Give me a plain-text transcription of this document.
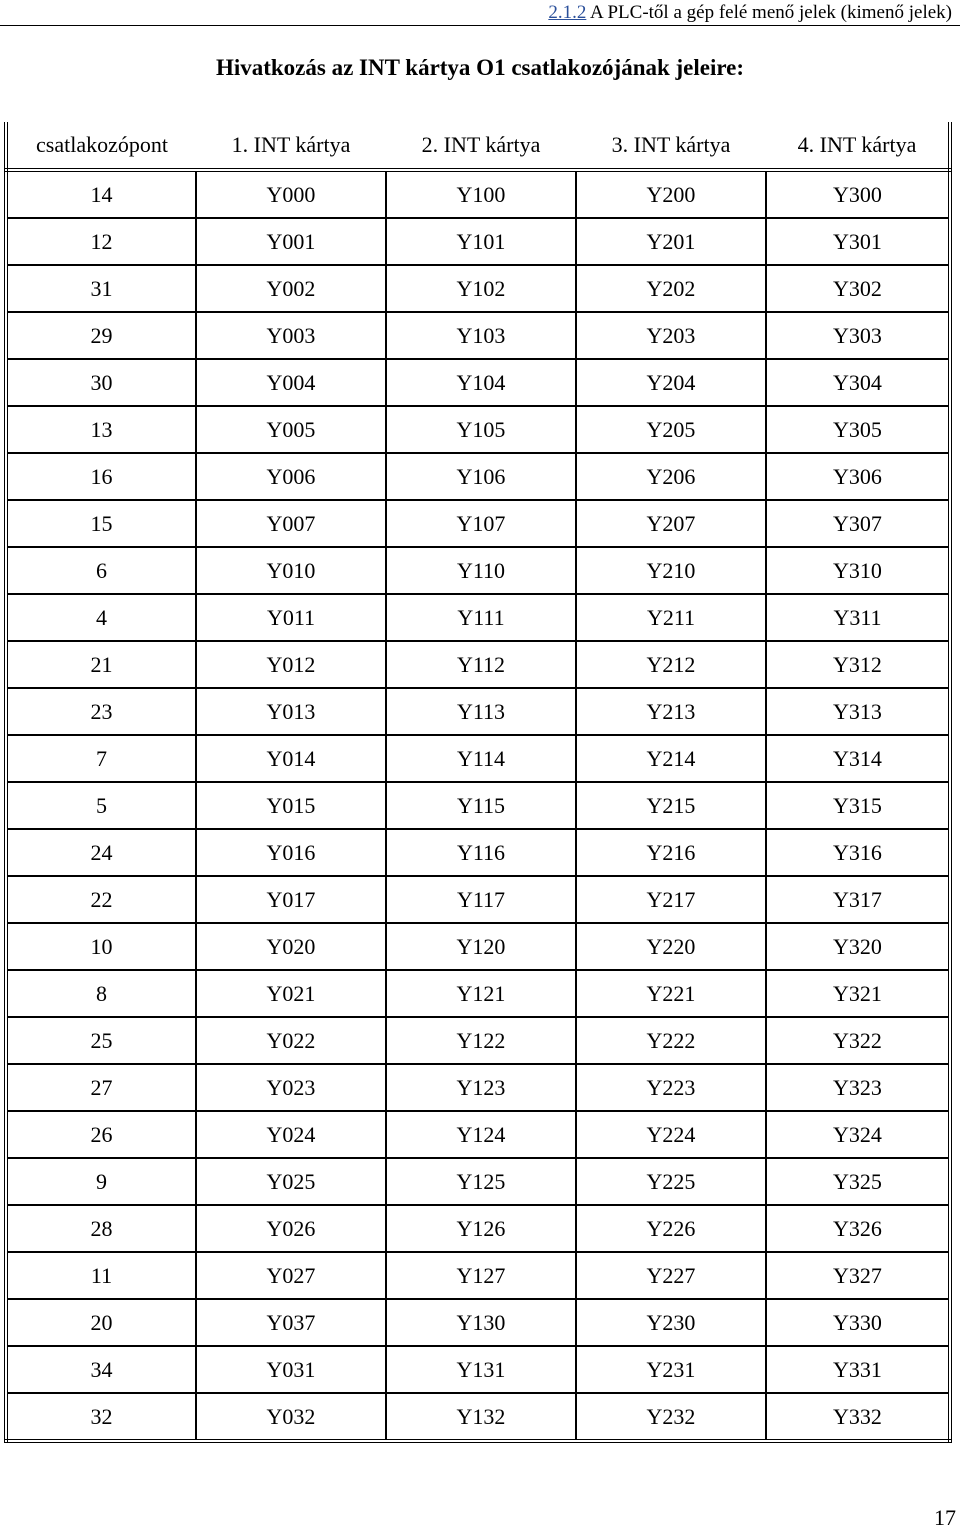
2.1.2 A PLC-től a gép felé menő jelek (kimenő jelek)
Hivatkozás az INT kártya O1 csatlakozójának jeleire:
csatlakozópont	1. INT kártya	2. INT kártya	3. INT kártya	4. INT kártya
14	Y000	Y100	Y200	Y300
12	Y001	Y101	Y201	Y301
31	Y002	Y102	Y202	Y302
29	Y003	Y103	Y203	Y303
30	Y004	Y104	Y204	Y304
13	Y005	Y105	Y205	Y305
16	Y006	Y106	Y206	Y306
15	Y007	Y107	Y207	Y307
6	Y010	Y110	Y210	Y310
4	Y011	Y111	Y211	Y311
21	Y012	Y112	Y212	Y312
23	Y013	Y113	Y213	Y313
7	Y014	Y114	Y214	Y314
5	Y015	Y115	Y215	Y315
24	Y016	Y116	Y216	Y316
22	Y017	Y117	Y217	Y317
10	Y020	Y120	Y220	Y320
8	Y021	Y121	Y221	Y321
25	Y022	Y122	Y222	Y322
27	Y023	Y123	Y223	Y323
26	Y024	Y124	Y224	Y324
9	Y025	Y125	Y225	Y325
28	Y026	Y126	Y226	Y326
11	Y027	Y127	Y227	Y327
20	Y037	Y130	Y230	Y330
34	Y031	Y131	Y231	Y331
32	Y032	Y132	Y232	Y332
17
